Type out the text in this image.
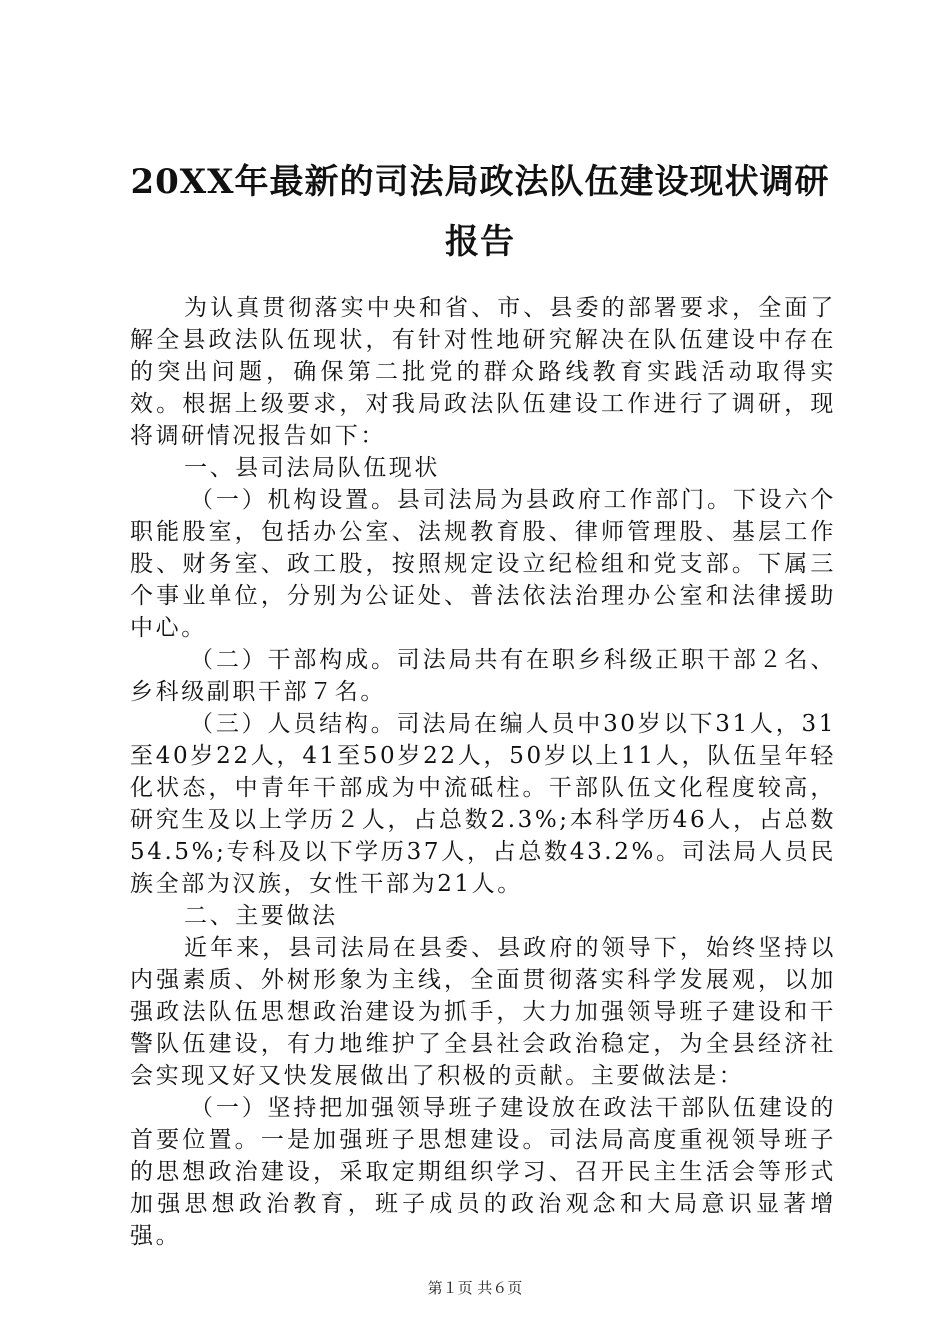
20XX年最新的司法局政法队伍建设现状调研
报告

为认真贯彻落实中央和省、市、县委的部署要求，全面了解全县政法队伍现状，有针对性地研究解决在队伍建设中存在的突出问题，确保第二批党的群众路线教育实践活动取得实效。根据上级要求，对我局政法队伍建设工作进行了调研，现将调研情况报告如下：

一、县司法局队伍现状

（一）机构设置。县司法局为县政府工作部门。下设六个职能股室，包括办公室、法规教育股、律师管理股、基层工作股、财务室、政工股，按照规定设立纪检组和党支部。下属三个事业单位，分别为公证处、普法依法治理办公室和法律援助中心。

（二）干部构成。司法局共有在职乡科级正职干部２名、乡科级副职干部７名。

（三）人员结构。司法局在编人员中30岁以下31人，31至40岁22人，41至50岁22人，50岁以上11人，队伍呈年轻化状态，中青年干部成为中流砥柱。干部队伍文化程度较高，研究生及以上学历２人，占总数2.3%;本科学历46人，占总数54.5%;专科及以下学历37人，占总数43.2%。司法局人员民族全部为汉族，女性干部为21人。

二、主要做法

近年来，县司法局在县委、县政府的领导下，始终坚持以内强素质、外树形象为主线，全面贯彻落实科学发展观，以加强政法队伍思想政治建设为抓手，大力加强领导班子建设和干警队伍建设，有力地维护了全县社会政治稳定，为全县经济社会实现又好又快发展做出了积极的贡献。主要做法是：

（一）坚持把加强领导班子建设放在政法干部队伍建设的首要位置。一是加强班子思想建设。司法局高度重视领导班子的思想政治建设，采取定期组织学习、召开民主生活会等形式加强思想政治教育，班子成员的政治观念和大局意识显著增强。

第１页 共６页
